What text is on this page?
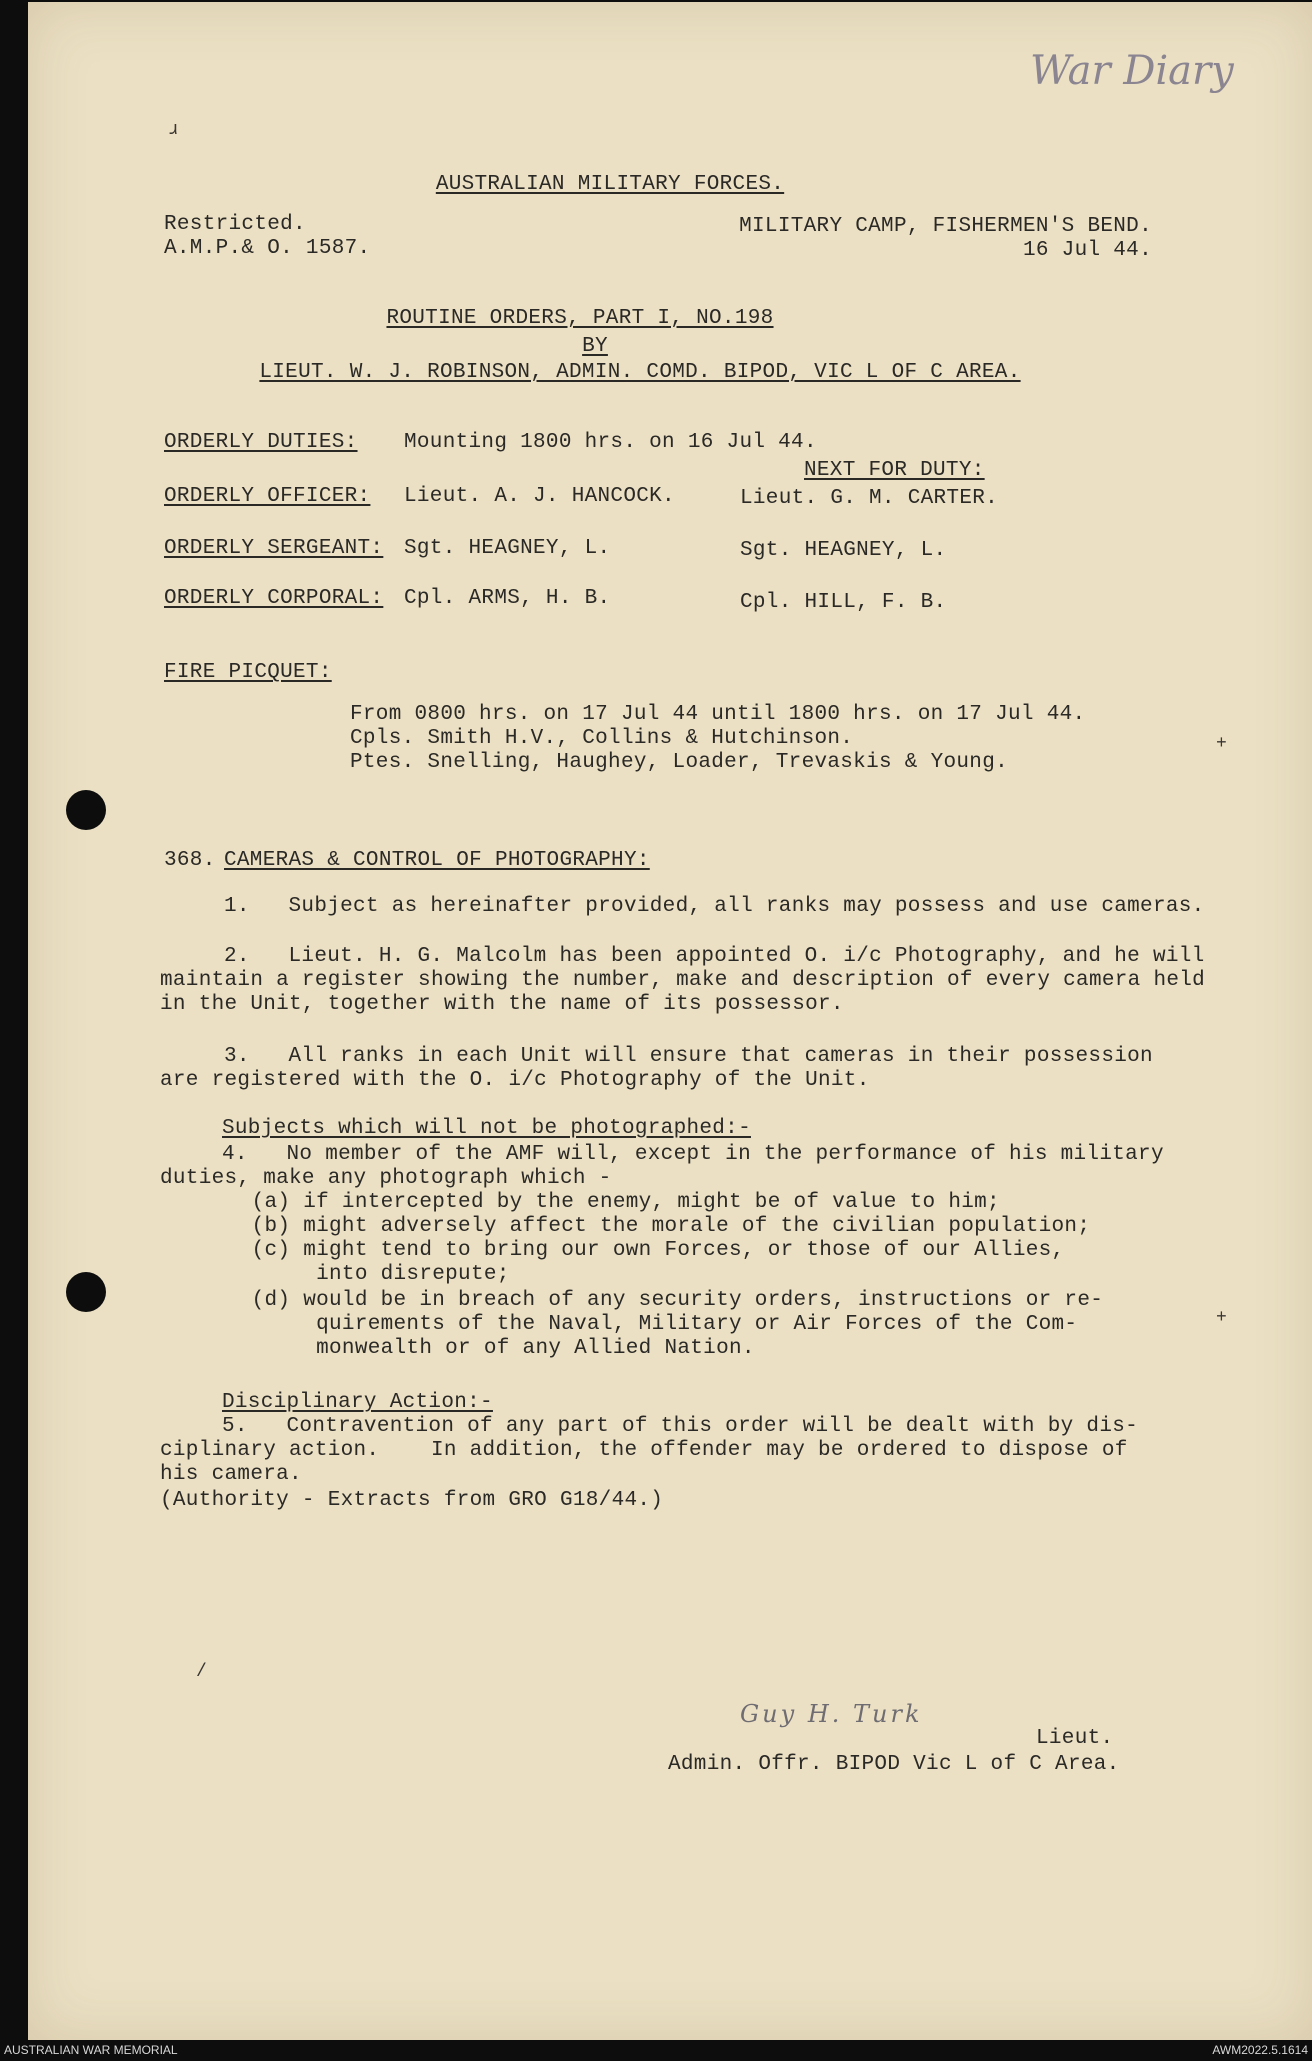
ɹ
+
+
/
War Diary
AUSTRALIAN MILITARY FORCES.
Restricted.
A.M.P.& O. 1587.
MILITARY CAMP, FISHERMEN'S BEND.
16 Jul 44.
ROUTINE ORDERS, PART I, NO.198
BY
LIEUT. W. J. ROBINSON, ADMIN. COMD. BIPOD, VIC L OF C AREA.
ORDERLY DUTIES: Mounting 1800 hrs. on 16 Jul 44.
NEXT FOR DUTY:
ORDERLY OFFICER: Lieut. A. J. HANCOCK.	Lieut. G. M. CARTER.
ORDERLY SERGEANT: Sgt. HEAGNEY, L.	Sgt. HEAGNEY, L.
ORDERLY CORPORAL: Cpl. ARMS, H. B.	Cpl. HILL, F. B.
FIRE PICQUET:
From 0800 hrs. on 17 Jul 44 until 1800 hrs. on 17 Jul 44.
Cpls. Smith H.V., Collins & Hutchinson.
Ptes. Snelling, Haughey, Loader, Trevaskis & Young.
368. CAMERAS & CONTROL OF PHOTOGRAPHY:
1.   Subject as hereinafter provided, all ranks may possess and use cameras.
2.   Lieut. H. G. Malcolm has been appointed O. i/c Photography, and he will
maintain a register showing the number, make and description of every camera held
in the Unit, together with the name of its possessor.
3.   All ranks in each Unit will ensure that cameras in their possession
are registered with the O. i/c Photography of the Unit.
Subjects which will not be photographed:-
4.   No member of the AMF will, except in the performance of his military
duties, make any photograph which -
(a) if intercepted by the enemy, might be of value to him;
(b) might adversely affect the morale of the civilian population;
(c) might tend to bring our own Forces, or those of our Allies,
into disrepute;
(d) would be in breach of any security orders, instructions or re-
quirements of the Naval, Military or Air Forces of the Com-
monwealth or of any Allied Nation.
Disciplinary Action:-
5.   Contravention of any part of this order will be dealt with by dis-
ciplinary action.    In addition, the offender may be ordered to dispose of
his camera.
(Authority - Extracts from GRO G18/44.)
Guy H. Turk
Lieut.
Admin. Offr. BIPOD Vic L of C Area.
AUSTRALIAN WAR MEMORIAL	AWM2022.5.1614
